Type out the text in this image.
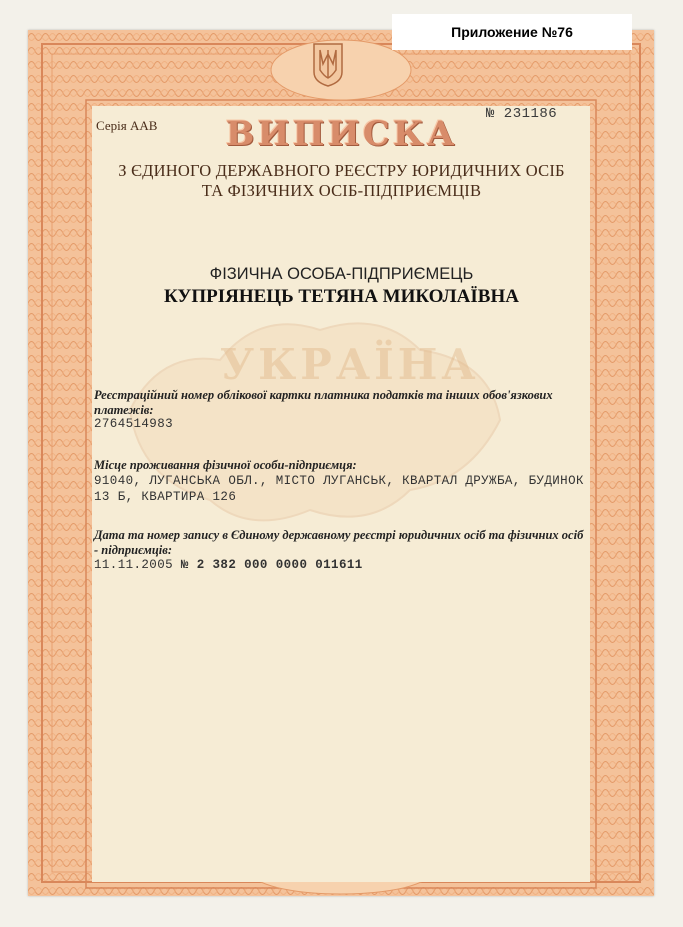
Приложение №76
УКРАЇНА
Серія ААВ
№ 231186
ВИПИСКА
З ЄДИНОГО ДЕРЖАВНОГО РЕЄСТРУ ЮРИДИЧНИХ ОСІБ
ТА ФІЗИЧНИХ ОСІБ-ПІДПРИЄМЦІВ
ФІЗИЧНА ОСОБА-ПІДПРИЄМЕЦЬ
КУПРІЯНЕЦЬ ТЕТЯНА МИКОЛАЇВНА
Реєстраційний номер облікової картки платника податків та інших обов'язкових платежів:
2764514983
Місце проживання фізичної особи-підприємця:
91040, ЛУГАНСЬКА ОБЛ., МІСТО ЛУГАНСЬК, КВАРТАЛ ДРУЖБА, БУДИНОК 13 Б, КВАРТИРА 126
Дата та номер запису в Єдиному державному реєстрі юридичних осіб та фізичних осіб - підприємців:
11.11.2005 № 2 382 000 0000 011611
